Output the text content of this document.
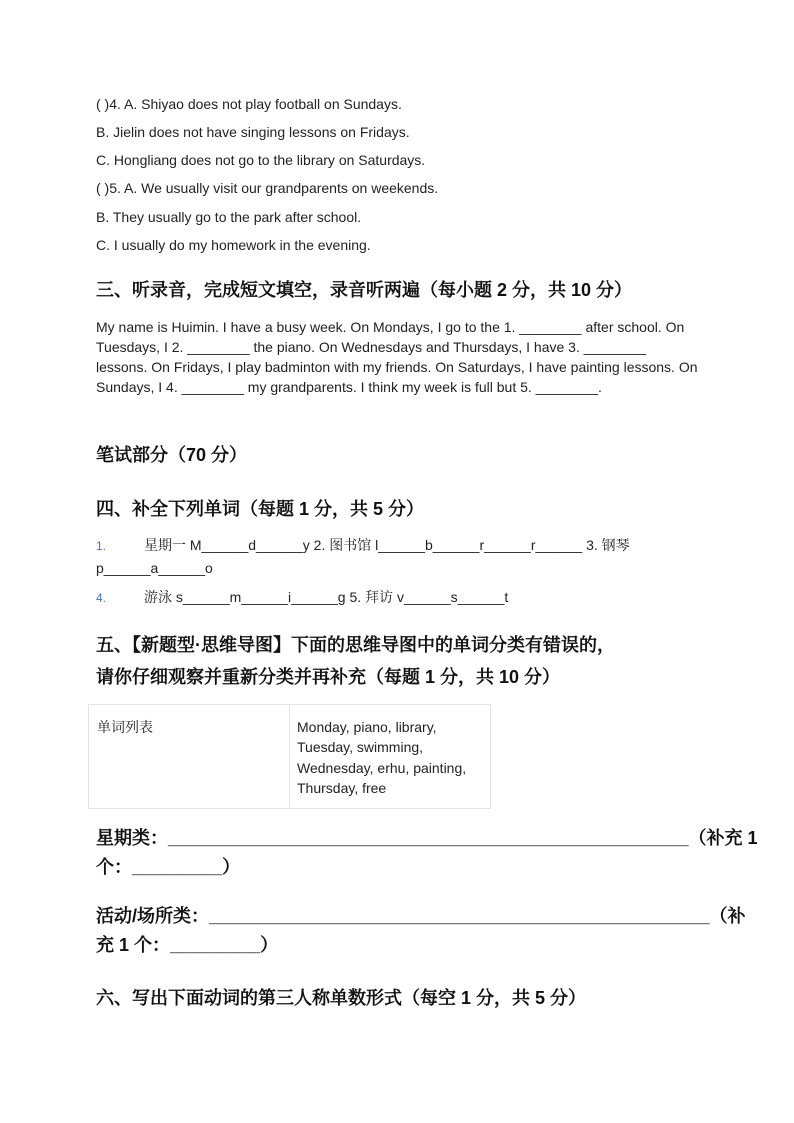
( )4. A. Shiyao does not play football on Sundays.
B. Jielin does not have singing lessons on Fridays.
C. Hongliang does not go to the library on Saturdays.
( )5. A. We usually visit our grandparents on weekends.
B. They usually go to the park after school.
C. I usually do my homework in the evening.
三、听录音，完成短文填空，录音听两遍（每小题 2 分，共 10 分）
My name is Huimin. I have a busy week. On Mondays, I go to the 1. ________ after school. On Tuesdays, I 2. ________ the piano. On Wednesdays and Thursdays, I have 3. ________ lessons. On Fridays, I play badminton with my friends. On Saturdays, I have painting lessons. On Sundays, I 4. ________ my grandparents. I think my week is full but 5. ________.
笔试部分（70 分）
四、补全下列单词（每题 1 分，共 5 分）
1.	星期一 M______d______y 2. 图书馆 l______b______r______r______ 3. 钢琴
p______a______o
4.	游泳 s______m______i______g 5. 拜访 v______s______t
五、【新题型·思维导图】下面的思维导图中的单词分类有错误的，
请你仔细观察并重新分类并再补充（每题 1 分，共 10 分）
单词列表	Monday, piano, library, Tuesday, swimming, Wednesday, erhu, painting, Thursday, free
星期类：____________________________________________________（补充 1
个：_________）
活动/场所类：__________________________________________________（补
充 1 个：_________）
六、写出下面动词的第三人称单数形式（每空 1 分，共 5 分）
